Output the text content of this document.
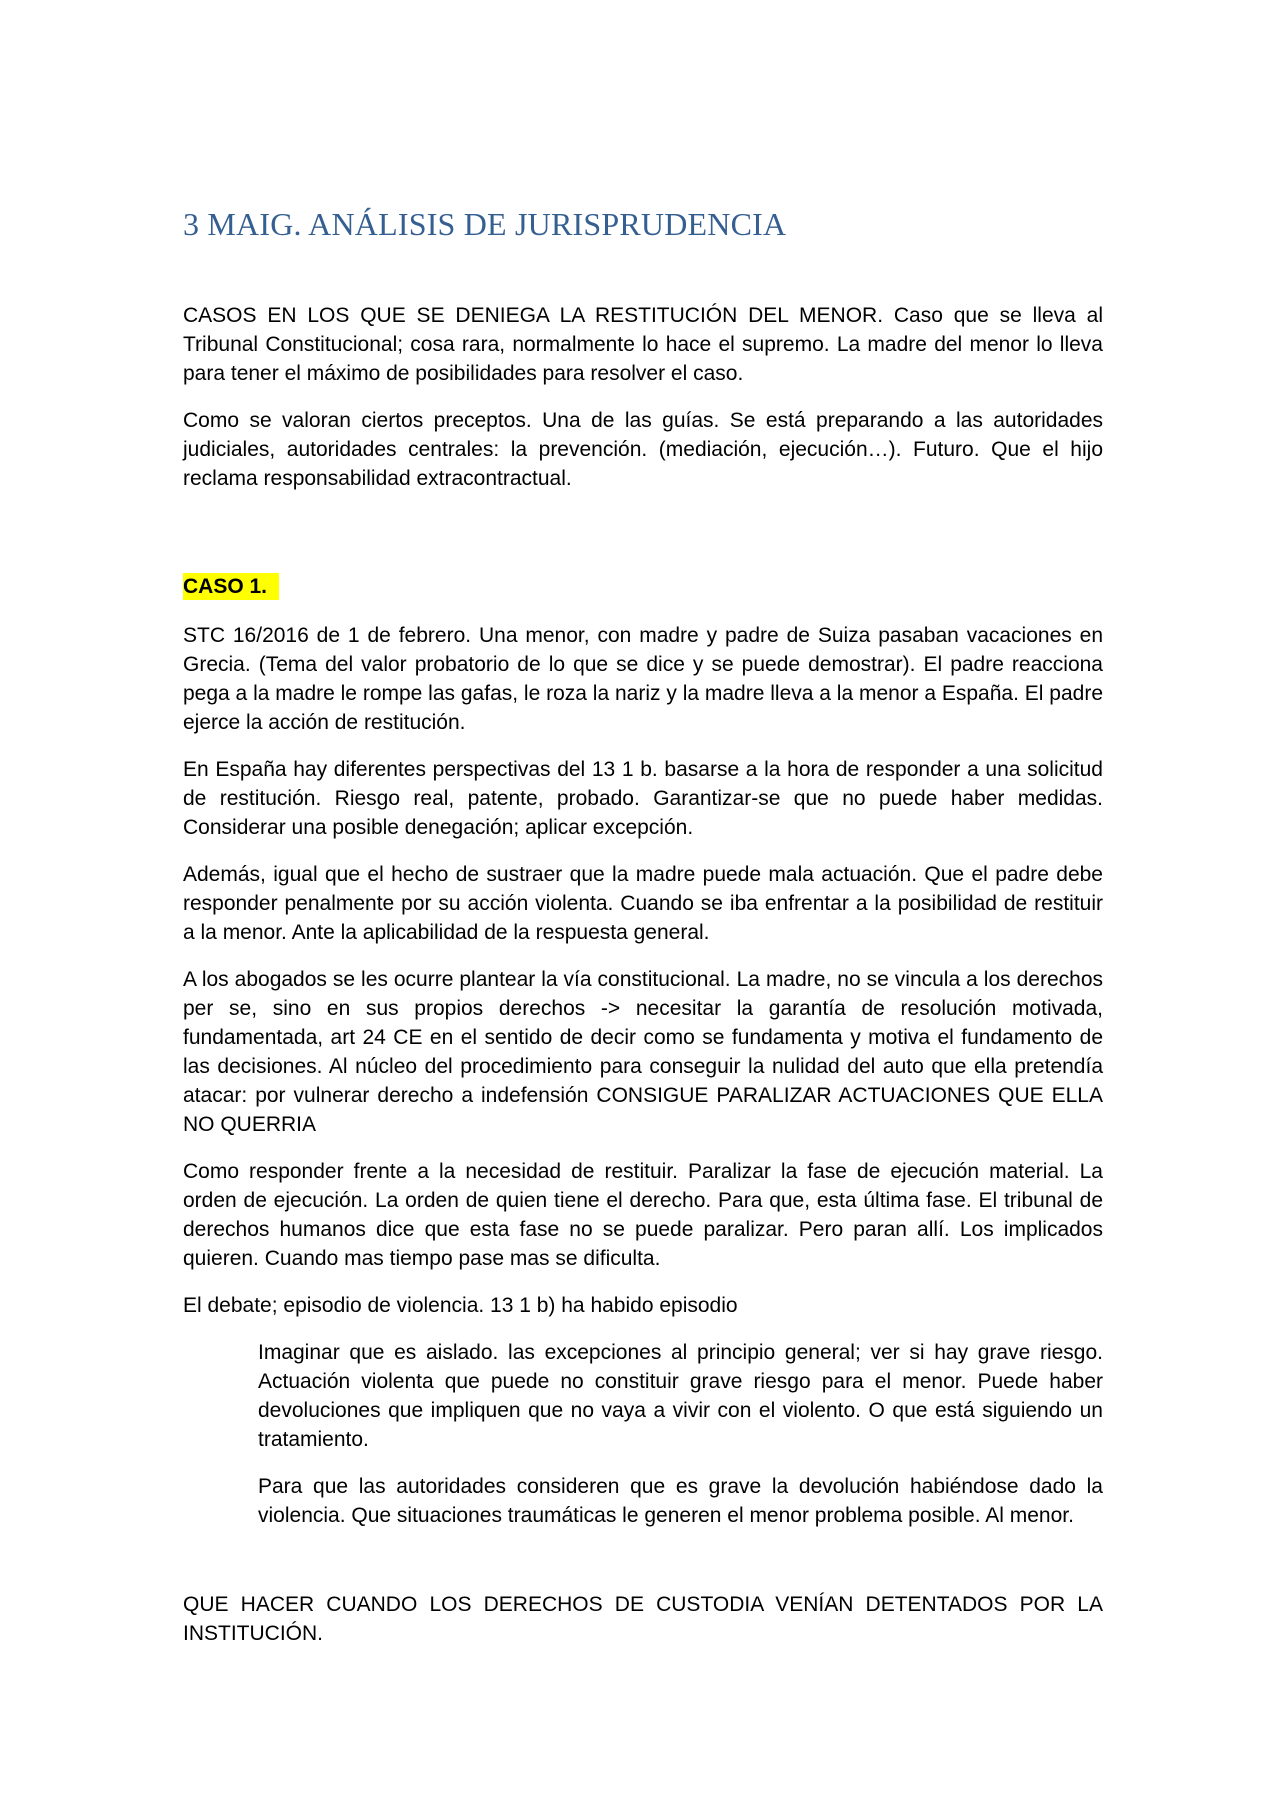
3 MAIG. ANÁLISIS DE JURISPRUDENCIA

CASOS EN LOS QUE SE DENIEGA LA RESTITUCIÓN DEL MENOR. Caso que se lleva al Tribunal Constitucional; cosa rara, normalmente lo hace el supremo. La madre del menor lo lleva para tener el máximo de posibilidades para resolver el caso.

Como se valoran ciertos preceptos. Una de las guías. Se está preparando a las autoridades judiciales, autoridades centrales: la prevención. (mediación, ejecución…). Futuro. Que el hijo reclama responsabilidad extracontractual.

CASO 1.

STC 16/2016 de 1 de febrero. Una menor, con madre y padre de Suiza pasaban vacaciones en Grecia. (Tema del valor probatorio de lo que se dice y se puede demostrar). El padre reacciona pega a la madre le rompe las gafas, le roza la nariz y la madre lleva a la menor a España. El padre ejerce la acción de restitución.

En España hay diferentes perspectivas del 13 1 b. basarse a la hora de responder a una solicitud de restitución. Riesgo real, patente, probado. Garantizar-se que no puede haber medidas. Considerar una posible denegación; aplicar excepción.

Además, igual que el hecho de sustraer que la madre puede mala actuación. Que el padre debe responder penalmente por su acción violenta. Cuando se iba enfrentar a la posibilidad de restituir a la menor. Ante la aplicabilidad de la respuesta general.

A los abogados se les ocurre plantear la vía constitucional. La madre, no se vincula a los derechos per se, sino en sus propios derechos -> necesitar la garantía de resolución motivada, fundamentada, art 24 CE en el sentido de decir como se fundamenta y motiva el fundamento de las decisiones. Al núcleo del procedimiento para conseguir la nulidad del auto que ella pretendía atacar: por vulnerar derecho a indefensión CONSIGUE PARALIZAR ACTUACIONES QUE ELLA NO QUERRIA

Como responder frente a la necesidad de restituir. Paralizar la fase de ejecución material. La orden de ejecución. La orden de quien tiene el derecho. Para que, esta última fase. El tribunal de derechos humanos dice que esta fase no se puede paralizar. Pero paran allí. Los implicados quieren. Cuando mas tiempo pase mas se dificulta.

El debate; episodio de violencia. 13 1 b) ha habido episodio

Imaginar que es aislado. las excepciones al principio general; ver si hay grave riesgo. Actuación violenta que puede no constituir grave riesgo para el menor. Puede haber devoluciones que impliquen que no vaya a vivir con el violento. O que está siguiendo un tratamiento.

Para que las autoridades consideren que es grave la devolución habiéndose dado la violencia. Que situaciones traumáticas le generen el menor problema posible. Al menor.

QUE HACER CUANDO LOS DERECHOS DE CUSTODIA VENÍAN DETENTADOS POR LA INSTITUCIÓN.
